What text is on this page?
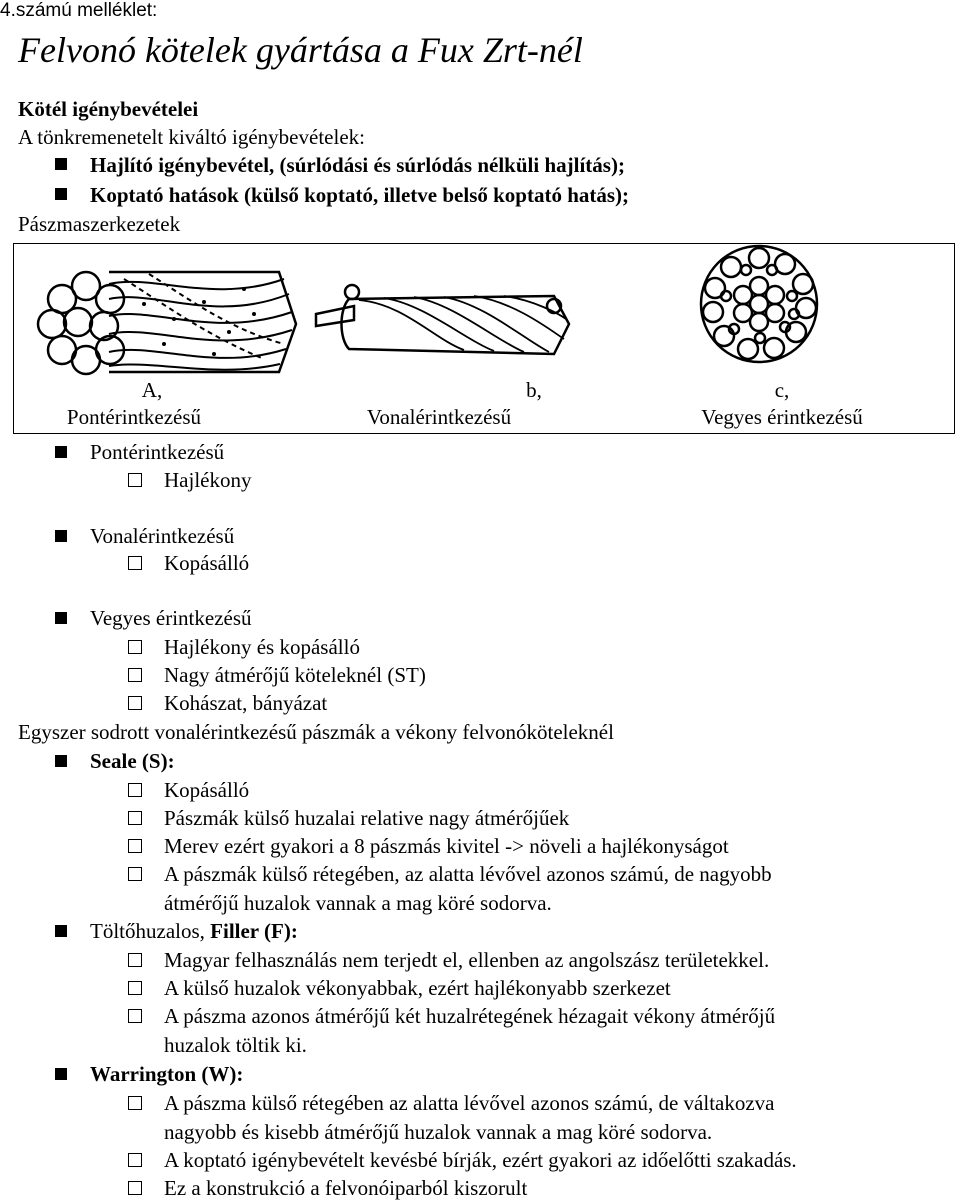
4.számú melléklet:
Felvonó kötelek gyártása a Fux Zrt-nél
Kötél igénybevételei
A tönkremenetelt kiváltó igénybevételek:
Hajlító igénybevétel, (súrlódási és súrlódás nélküli hajlítás);
Koptató hatások (külső koptató, illetve belső koptató hatás);
Pászmaszerkezetek
A,
Pontérintkezésű
b,
Vonalérintkezésű
c,
Vegyes érintkezésű
Pontérintkezésű
Hajlékony
Vonalérintkezésű
Kopásálló
Vegyes érintkezésű
Hajlékony és kopásálló
Nagy átmérőjű köteleknél (ST)
Kohászat, bányázat
Egyszer sodrott vonalérintkezésű pászmák a vékony felvonóköteleknél
Seale (S):
Kopásálló
Pászmák külső huzalai relative nagy átmérőjűek
Merev ezért gyakori a 8 pászmás kivitel -> növeli a hajlékonyságot
A pászmák külső rétegében, az alatta lévővel azonos számú, de nagyobb
átmérőjű huzalok vannak a mag köré sodorva.
Töltőhuzalos, Filler (F):
Magyar felhasználás nem terjedt el, ellenben az angolszász területekkel.
A külső huzalok vékonyabbak, ezért hajlékonyabb szerkezet
A pászma azonos átmérőjű két huzalrétegének hézagait vékony átmérőjű
huzalok töltik ki.
Warrington (W):
A pászma külső rétegében az alatta lévővel azonos számú, de váltakozva
nagyobb és kisebb átmérőjű huzalok vannak a mag köré sodorva.
A koptató igénybevételt kevésbé bírják, ezért gyakori az időelőtti szakadás.
Ez a konstrukció a felvonóiparból kiszorult
